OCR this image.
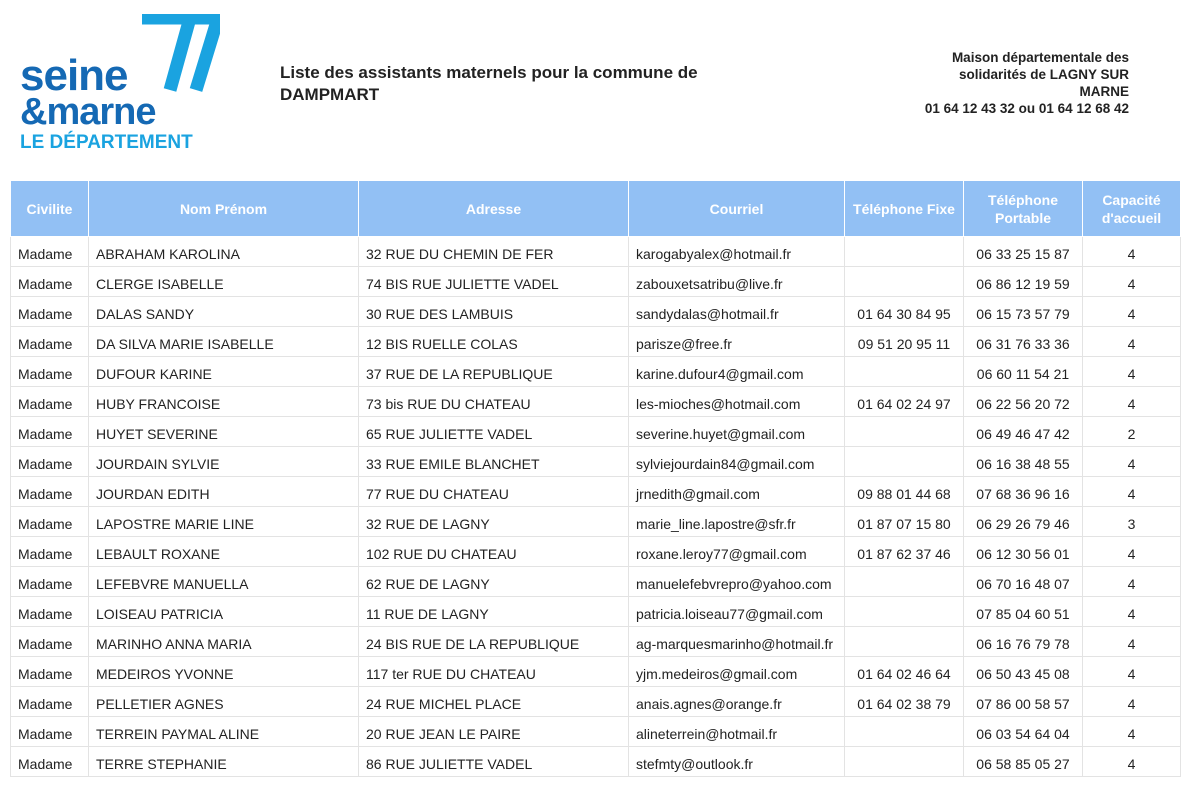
seine
&marne
LE DÉPARTEMENT
Liste des assistants maternels pour la commune de DAMPMART
Maison départementale des
solidarités de LAGNY SUR
MARNE
01 64 12 43 32 ou 01 64 12 68 42
Civilite	Nom Prénom	Adresse	Courriel	Téléphone Fixe	Téléphone Portable	Capacité d'accueil
Madame	ABRAHAM KAROLINA	32 RUE DU CHEMIN DE FER	karogabyalex@hotmail.fr		06 33 25 15 87	4
Madame	CLERGE ISABELLE	74 BIS RUE JULIETTE VADEL	zabouxetsatribu@live.fr		06 86 12 19 59	4
Madame	DALAS SANDY	30 RUE DES LAMBUIS	sandydalas@hotmail.fr	01 64 30 84 95	06 15 73 57 79	4
Madame	DA SILVA MARIE ISABELLE	12 BIS RUELLE COLAS	parisze@free.fr	09 51 20 95 11	06 31 76 33 36	4
Madame	DUFOUR KARINE	37 RUE DE LA REPUBLIQUE	karine.dufour4@gmail.com		06 60 11 54 21	4
Madame	HUBY FRANCOISE	73 bis RUE DU CHATEAU	les-mioches@hotmail.com	01 64 02 24 97	06 22 56 20 72	4
Madame	HUYET SEVERINE	65 RUE JULIETTE VADEL	severine.huyet@gmail.com		06 49 46 47 42	2
Madame	JOURDAIN SYLVIE	33 RUE EMILE BLANCHET	sylviejourdain84@gmail.com		06 16 38 48 55	4
Madame	JOURDAN EDITH	77 RUE DU CHATEAU	jrnedith@gmail.com	09 88 01 44 68	07 68 36 96 16	4
Madame	LAPOSTRE MARIE LINE	32 RUE DE LAGNY	marie_line.lapostre@sfr.fr	01 87 07 15 80	06 29 26 79 46	3
Madame	LEBAULT ROXANE	102 RUE DU CHATEAU	roxane.leroy77@gmail.com	01 87 62 37 46	06 12 30 56 01	4
Madame	LEFEBVRE MANUELLA	62 RUE DE LAGNY	manuelefebvrepro@yahoo.com		06 70 16 48 07	4
Madame	LOISEAU PATRICIA	11 RUE DE LAGNY	patricia.loiseau77@gmail.com		07 85 04 60 51	4
Madame	MARINHO ANNA MARIA	24 BIS RUE DE LA REPUBLIQUE	ag-marquesmarinho@hotmail.fr		06 16 76 79 78	4
Madame	MEDEIROS YVONNE	117 ter RUE DU CHATEAU	yjm.medeiros@gmail.com	01 64 02 46 64	06 50 43 45 08	4
Madame	PELLETIER AGNES	24 RUE MICHEL PLACE	anais.agnes@orange.fr	01 64 02 38 79	07 86 00 58 57	4
Madame	TERREIN PAYMAL ALINE	20 RUE JEAN LE PAIRE	alineterrein@hotmail.fr		06 03 54 64 04	4
Madame	TERRE STEPHANIE	86 RUE JULIETTE VADEL	stefmty@outlook.fr		06 58 85 05 27	4
